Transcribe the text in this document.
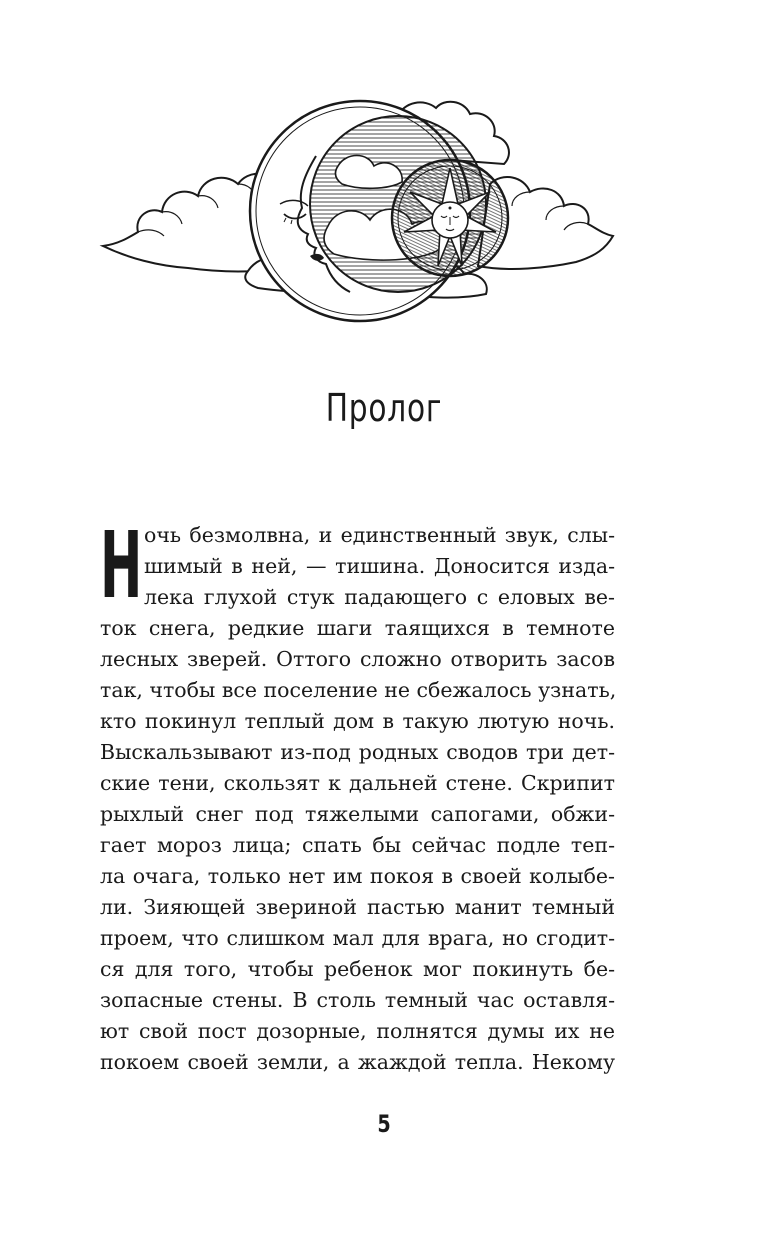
Пролог
Н очь безмолвна, и единственный звук, слы-
шимый в ней, — тишина. Доносится изда-
лека глухой стук падающего с еловых ве-
ток снега, редкие шаги таящихся в темноте
лесных зверей. Оттого сложно отворить засов
так, чтобы все поселение не сбежалось узнать,
кто покинул теплый дом в такую лютую ночь.
Выскальзывают из-под родных сводов три дет-
ские тени, скользят к дальней стене. Скрипит
рыхлый снег под тяжелыми сапогами, обжи-
гает мороз лица; спать бы сейчас подле теп-
ла очага, только нет им покоя в своей колыбе-
ли. Зияющей звериной пастью манит темный
проем, что слишком мал для врага, но сгодит-
ся для того, чтобы ребенок мог покинуть бе-
зопасные стены. В столь темный час оставля-
ют свой пост дозорные, полнятся думы их не
покоем своей земли, а жаждой тепла. Некому
5
